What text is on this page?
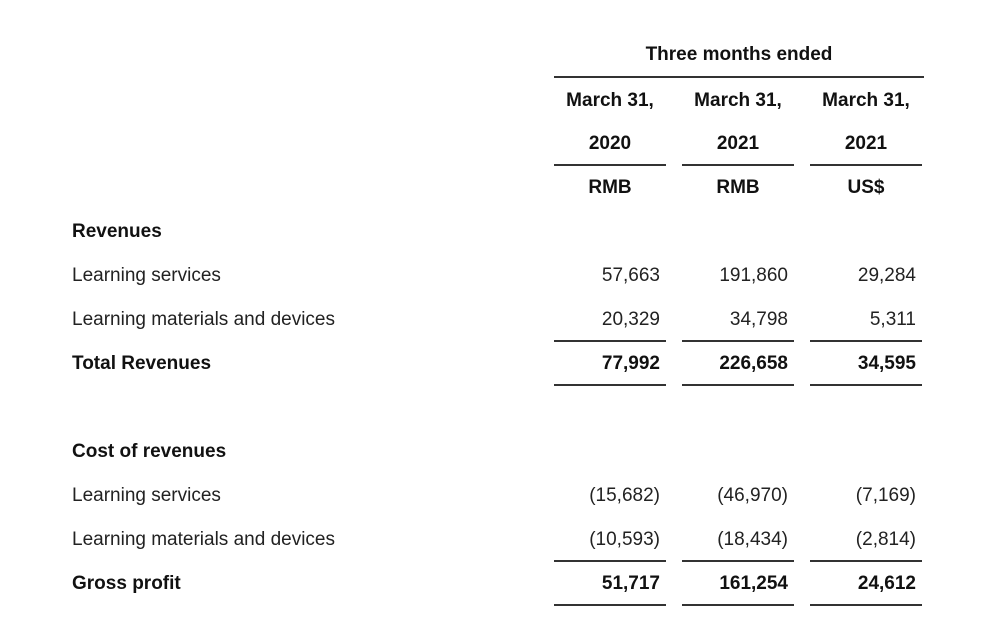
Three months ended
March 31,	March 31,	March 31,
2020	2021	2021
RMB	RMB	US$
Revenues
Learning services	57,663	191,860	29,284
Learning materials and devices	20,329	34,798	5,311
Total Revenues	77,992	226,658	34,595
Cost of revenues
Learning services	(15,682)	(46,970)	(7,169)
Learning materials and devices	(10,593)	(18,434)	(2,814)
Gross profit	51,717	161,254	24,612
